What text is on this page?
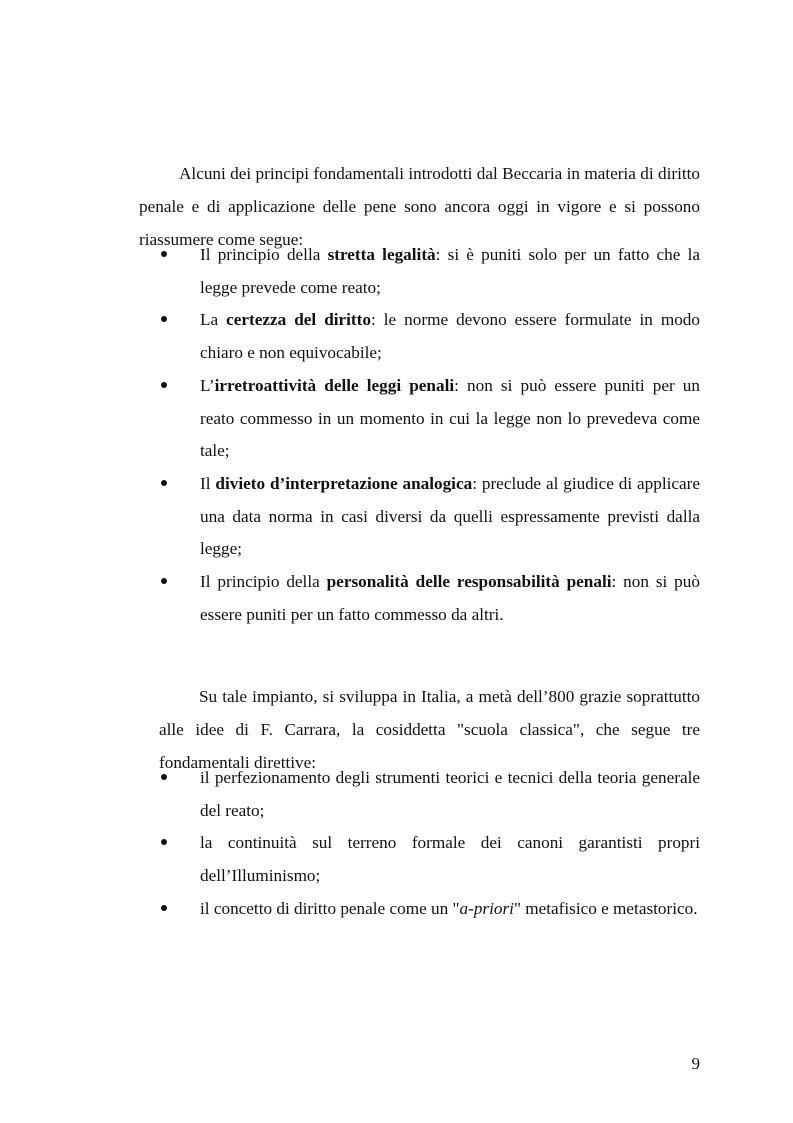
Alcuni dei principi fondamentali introdotti dal Beccaria in materia di diritto penale e di applicazione delle pene sono ancora oggi in vigore e si possono riassumere come segue:

Il principio della stretta legalità: si è puniti solo per un fatto che la legge prevede come reato;
La certezza del diritto: le norme devono essere formulate in modo chiaro e non equivocabile;
L’irretroattività delle leggi penali: non si può essere puniti per un reato commesso in un momento in cui la legge non lo prevedeva come tale;
Il divieto d’interpretazione analogica: preclude al giudice di applicare una data norma in casi diversi da quelli espressamente previsti dalla legge;
Il principio della personalità delle responsabilità penali: non si può essere puniti per un fatto commesso da altri.

Su tale impianto, si sviluppa in Italia, a metà dell’800 grazie soprattutto alle idee di F. Carrara, la cosiddetta "scuola classica", che segue tre fondamentali direttive:

il perfezionamento degli strumenti teorici e tecnici della teoria generale del reato;
la continuità sul terreno formale dei canoni garantisti propri dell’Illuminismo;
il concetto di diritto penale come un "a-priori" metafisico e metastorico.
9
